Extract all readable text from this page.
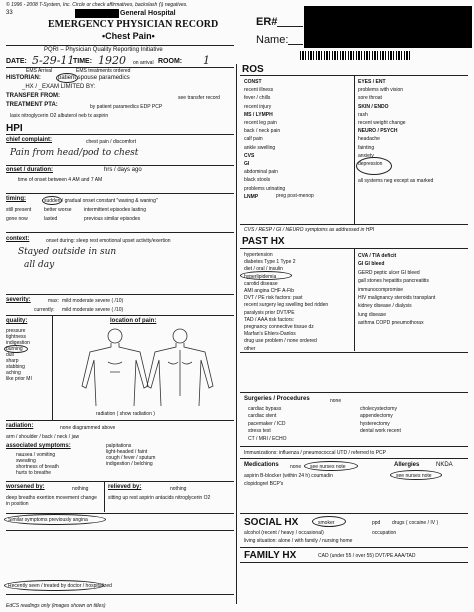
© 1996 - 2008 T-System, Inc. Circle or check affirmatives, backslash (\) negatives.
33	General Hospital
EMERGENCY PHYSICIAN RECORD
•Chest Pain•
ER#
Name:
PQRI – Physician Quality Reporting Initiative
DATE: 5-29-11
TIME: 1920 on arrival ROOM: 1
EMS Arrival	EMS treatments ordered
HISTORIAN:	patient spouse paramedics
_HX / _EXAM LIMITED BY:
TRANSFER FROM:	see transfer record
TREATMENT PTA:	by patient paramedics EDP PCP
lasix nitroglycerin O2 albuterol neb tx aspirin
HPI
chief complaint:	chest pain / discomfort
Pain from head/pod to chest
onset / duration:	hrs / days ago
time of onset between 4 AM and 7 AM
timing:	sudden / gradual onset constant "waxing & waning"
still present	better worse intermittent episodes lasting
gone now	lasted	previous similar episodes
context:	onset during: sleep rest emotional upset activity/exertion
Stayed outside in sun
all day
severity:	max: mild moderate severe ( /10)
currently: mild moderate severe ( /10)
quality:	location of pain:
pressure
tightness
indigestion
burning
dull
sharp
stabbing
aching
like prior MI
radiation ( show radiation )
radiation:	none diagrammed above
arm / shoulder / back / neck / jaw
associated symptoms:
nausea / vomiting
sweating
shortness of breath
hurts to breathe
palpitations
light-headed / faint
cough / fever / sputum
indigestion / belching
worsened by:	nothing
deep breaths exertion movement change in position
relieved by:	nothing
sitting up rest aspirin antacids nitroglycerin O2
Similar symptoms previously angina
Recently seen / treated by doctor / hospitalized
EdCS readings only (images shown on titles)
ROS
CONST
recent illness
fever / chills
recent injury
MS / LYMPH
recent leg pain
back / neck pain
calf pain
ankle swelling
CVS
GI
abdominal pain
black stools
problems urinating
LNMP	preg post-menop
EYES / ENT
problems with vision
sore throat
SKIN / ENDO
rash
recent weight change
NEURO / PSYCH
headache
fainting
anxiety
depression
all systems neg except as marked
CVS / RESP / GI / NEURO symptoms as addressed in HPI
PAST HX
hypertension
diabetes Type 1 Type 2
diet / oral / insulin
hyperlipidemia
carotid disease
AMI angina CHF A-Fib
DVT / PE risk factors: past
recent surgery leg swelling bed ridden
paralysis prior DVT/PE
TAD / AAA risk factors:
pregnancy connective tissue dz
Marfan's Ehlers-Danlos
drug use problem / none ordered
other
CVA / TIA deficit
GI GI bleed
GERD peptic ulcer GI bleed
gall stones hepatitis pancreatitis
immunocompromise
HIV malignancy steroids transplant
kidney disease / dialysis
lung disease
asthma COPD pneumothorax
Surgeries / Procedures	none
cardiac bypass
cardiac stent
pacemaker / ICD
stress test
CT / MRI / ECHO
cholecystectomy
appendectomy
hysterectomy
dental work recent
Immunizations: influenza / pneumococcal UTD / referred to PCP
Medications none see nurses note
aspirin B-blocker (within 24 h) coumadin
clopidogrel BCP's
Allergies	NKDA
see nurses note
SOCIAL HX	smoker	ppd drugs ( cocaine / IV )
alcohol (recent / heavy / occasional)	occupation
living situation: alone / with family / nursing home
FAMILY HX	CAD (under 55 / over 55) DVT/PE AAA/TAD
